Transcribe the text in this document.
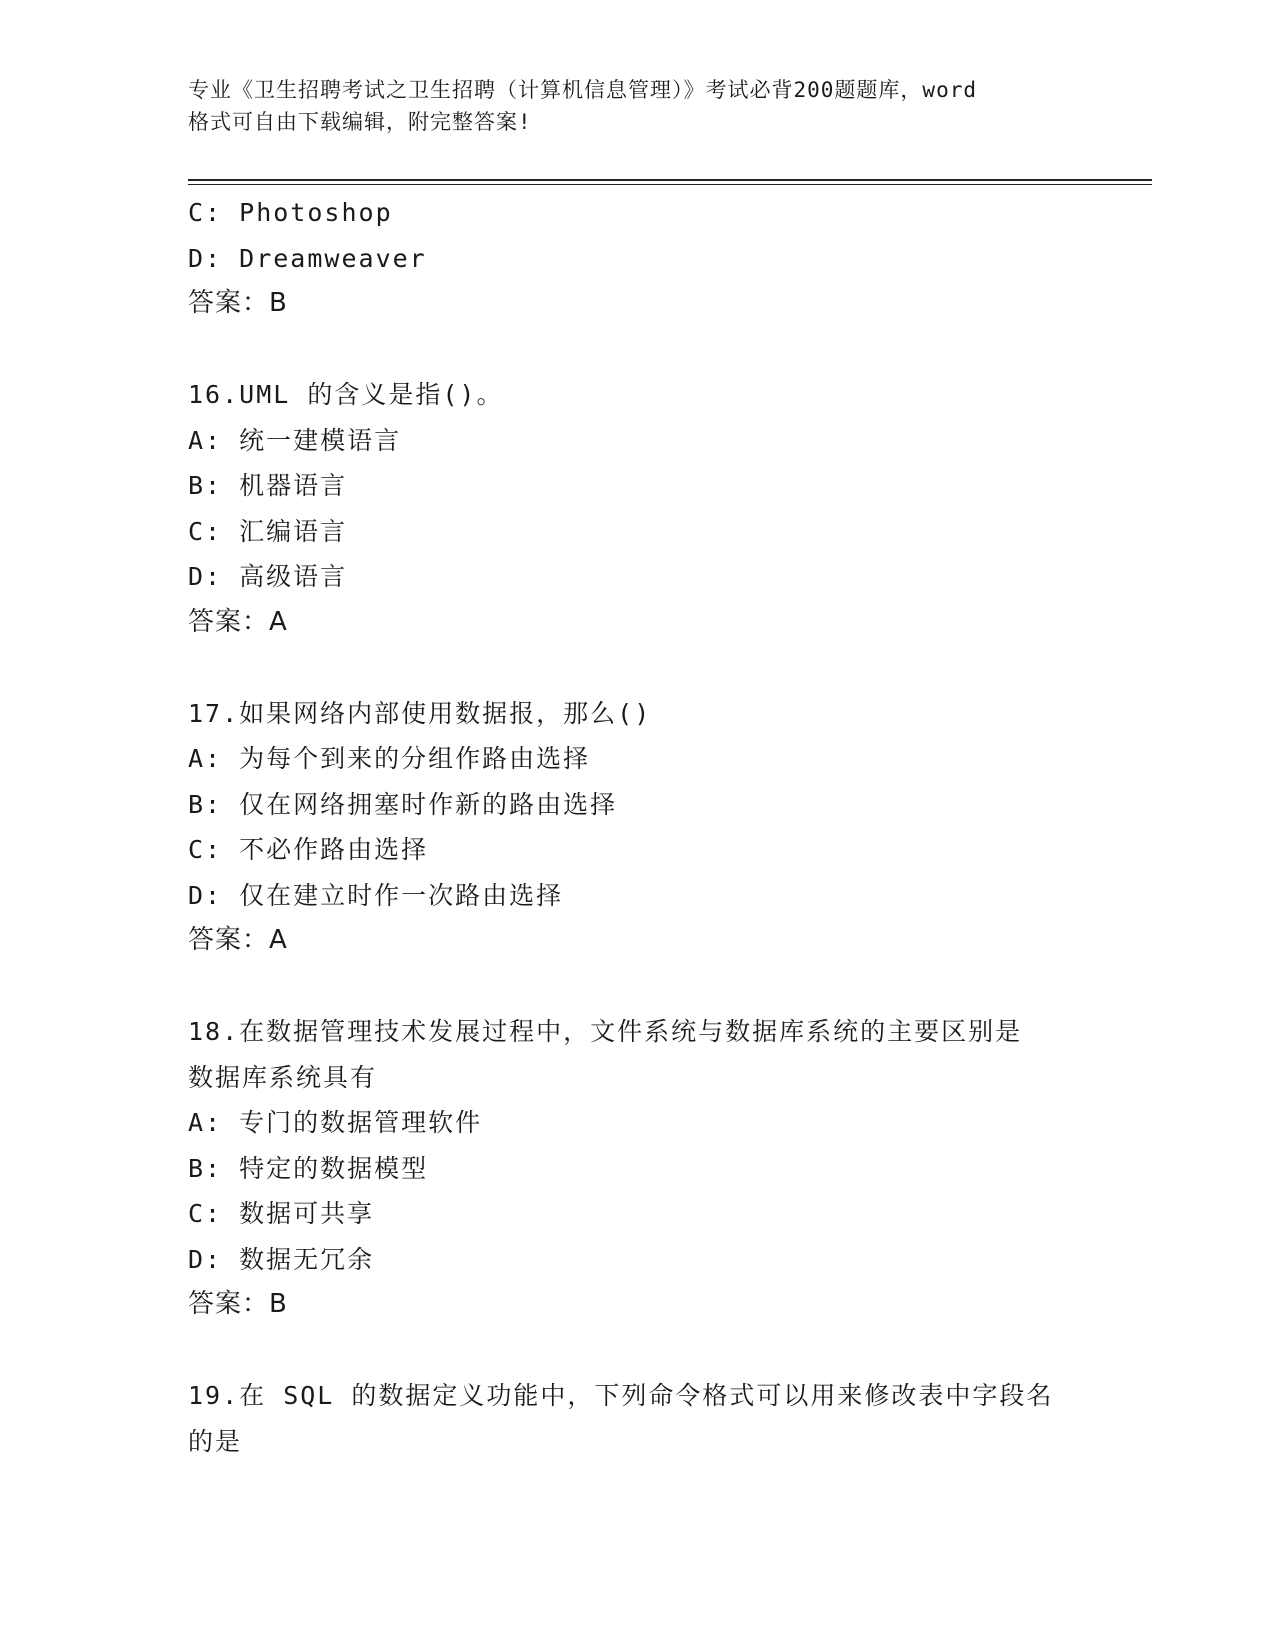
专业《卫生招聘考试之卫生招聘（计算机信息管理）》考试必背200题题库，word
格式可自由下载编辑，附完整答案!
C: Photoshop
D: Dreamweaver
答案：B
16.UML 的含义是指()。
A: 统一建模语言
B: 机器语言
C: 汇编语言
D: 高级语言
答案：A
17.如果网络内部使用数据报，那么()
A: 为每个到来的分组作路由选择
B: 仅在网络拥塞时作新的路由选择
C: 不必作路由选择
D: 仅在建立时作一次路由选择
答案：A
18.在数据管理技术发展过程中，文件系统与数据库系统的主要区别是
数据库系统具有
A: 专门的数据管理软件
B: 特定的数据模型
C: 数据可共享
D: 数据无冗余
答案：B
19.在 SQL 的数据定义功能中，下列命令格式可以用来修改表中字段名
的是
